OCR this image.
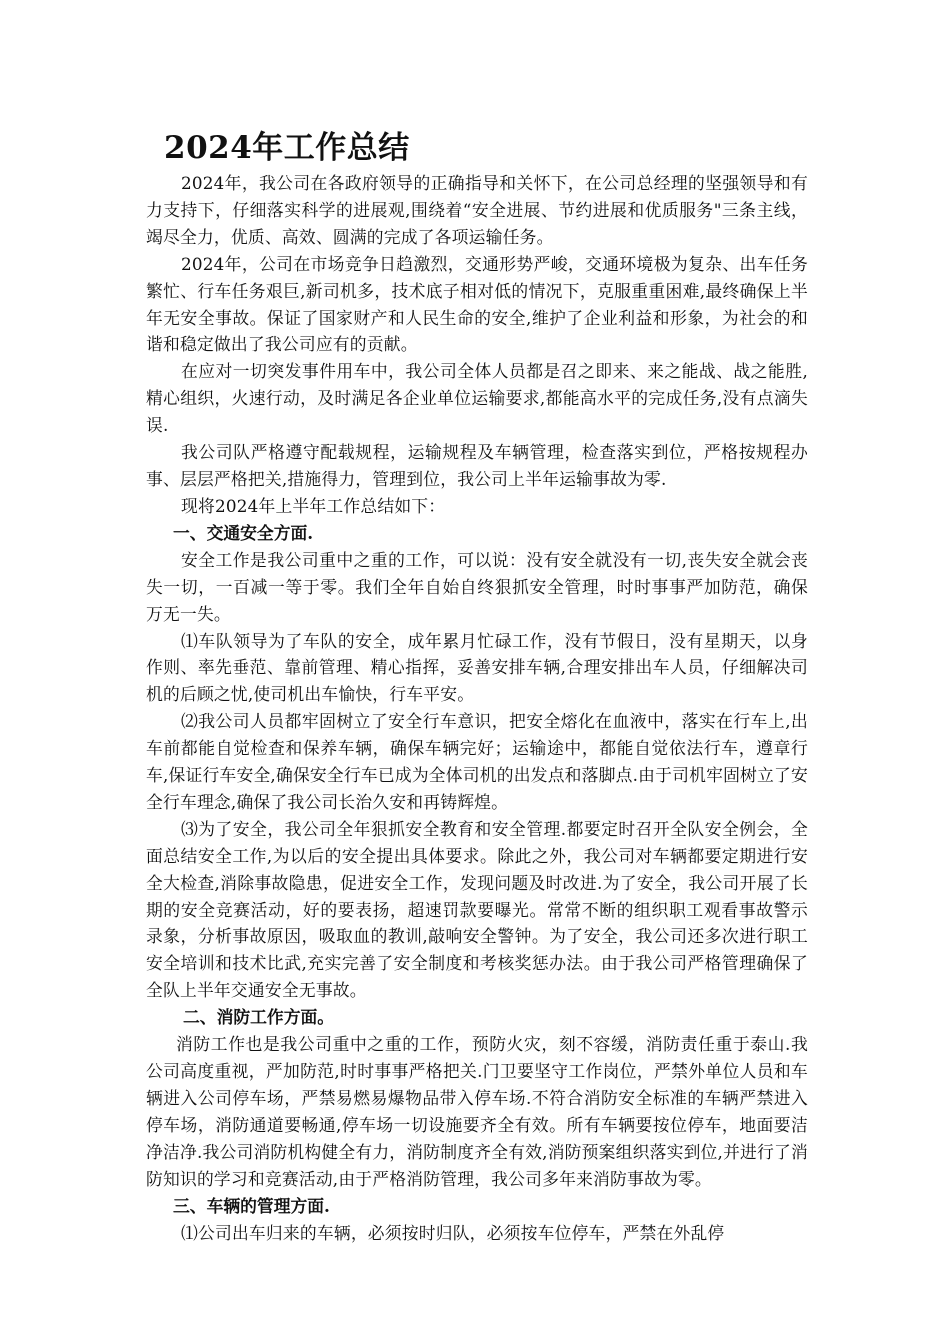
2024年工作总结

2024年，我公司在各政府领导的正确指导和关怀下，在公司总经理的坚强领导和有力支持下，仔细落实科学的进展观,围绕着“安全进展、节约进展和优质服务"三条主线，竭尽全力，优质、高效、圆满的完成了各项运输任务。

2024年，公司在市场竞争日趋激烈，交通形势严峻，交通环境极为复杂、出车任务繁忙、行车任务艰巨,新司机多，技术底子相对低的情况下，克服重重困难,最终确保上半年无安全事故。保证了国家财产和人民生命的安全,维护了企业利益和形象，为社会的和谐和稳定做出了我公司应有的贡献。

在应对一切突发事件用车中，我公司全体人员都是召之即来、来之能战、战之能胜,精心组织，火速行动，及时满足各企业单位运输要求,都能高水平的完成任务,没有点滴失误.

我公司队严格遵守配载规程，运输规程及车辆管理，检查落实到位，严格按规程办事、层层严格把关,措施得力，管理到位，我公司上半年运输事故为零.

现将2024年上半年工作总结如下：

一、交通安全方面.

安全工作是我公司重中之重的工作，可以说：没有安全就没有一切,丧失安全就会丧失一切，一百减一等于零。我们全年自始自终狠抓安全管理，时时事事严加防范，确保万无一失。

⑴车队领导为了车队的安全，成年累月忙碌工作，没有节假日，没有星期天，以身作则、率先垂范、靠前管理、精心指挥，妥善安排车辆,合理安排出车人员，仔细解决司机的后顾之忧,使司机出车愉快，行车平安。

⑵我公司人员都牢固树立了安全行车意识，把安全熔化在血液中，落实在行车上,出车前都能自觉检查和保养车辆，确保车辆完好；运输途中，都能自觉依法行车，遵章行车,保证行车安全,确保安全行车已成为全体司机的出发点和落脚点.由于司机牢固树立了安全行车理念,确保了我公司长治久安和再铸辉煌。

⑶为了安全，我公司全年狠抓安全教育和安全管理.都要定时召开全队安全例会，全面总结安全工作,为以后的安全提出具体要求。除此之外，我公司对车辆都要定期进行安全大检查,消除事故隐患，促进安全工作，发现问题及时改进.为了安全，我公司开展了长期的安全竞赛活动，好的要表扬，超速罚款要曝光。常常不断的组织职工观看事故警示录象，分析事故原因，吸取血的教训,敲响安全警钟。为了安全，我公司还多次进行职工安全培训和技术比武,充实完善了安全制度和考核奖惩办法。由于我公司严格管理确保了全队上半年交通安全无事故。

二、消防工作方面。

消防工作也是我公司重中之重的工作，预防火灾，刻不容缓，消防责任重于泰山.我公司高度重视，严加防范,时时事事严格把关.门卫要坚守工作岗位，严禁外单位人员和车辆进入公司停车场，严禁易燃易爆物品带入停车场.不符合消防安全标准的车辆严禁进入停车场，消防通道要畅通,停车场一切设施要齐全有效。所有车辆要按位停车，地面要洁净洁净.我公司消防机构健全有力，消防制度齐全有效,消防预案组织落实到位,并进行了消防知识的学习和竞赛活动,由于严格消防管理，我公司多年来消防事故为零。

三、车辆的管理方面.

⑴公司出车归来的车辆，必须按时归队，必须按车位停车，严禁在外乱停
